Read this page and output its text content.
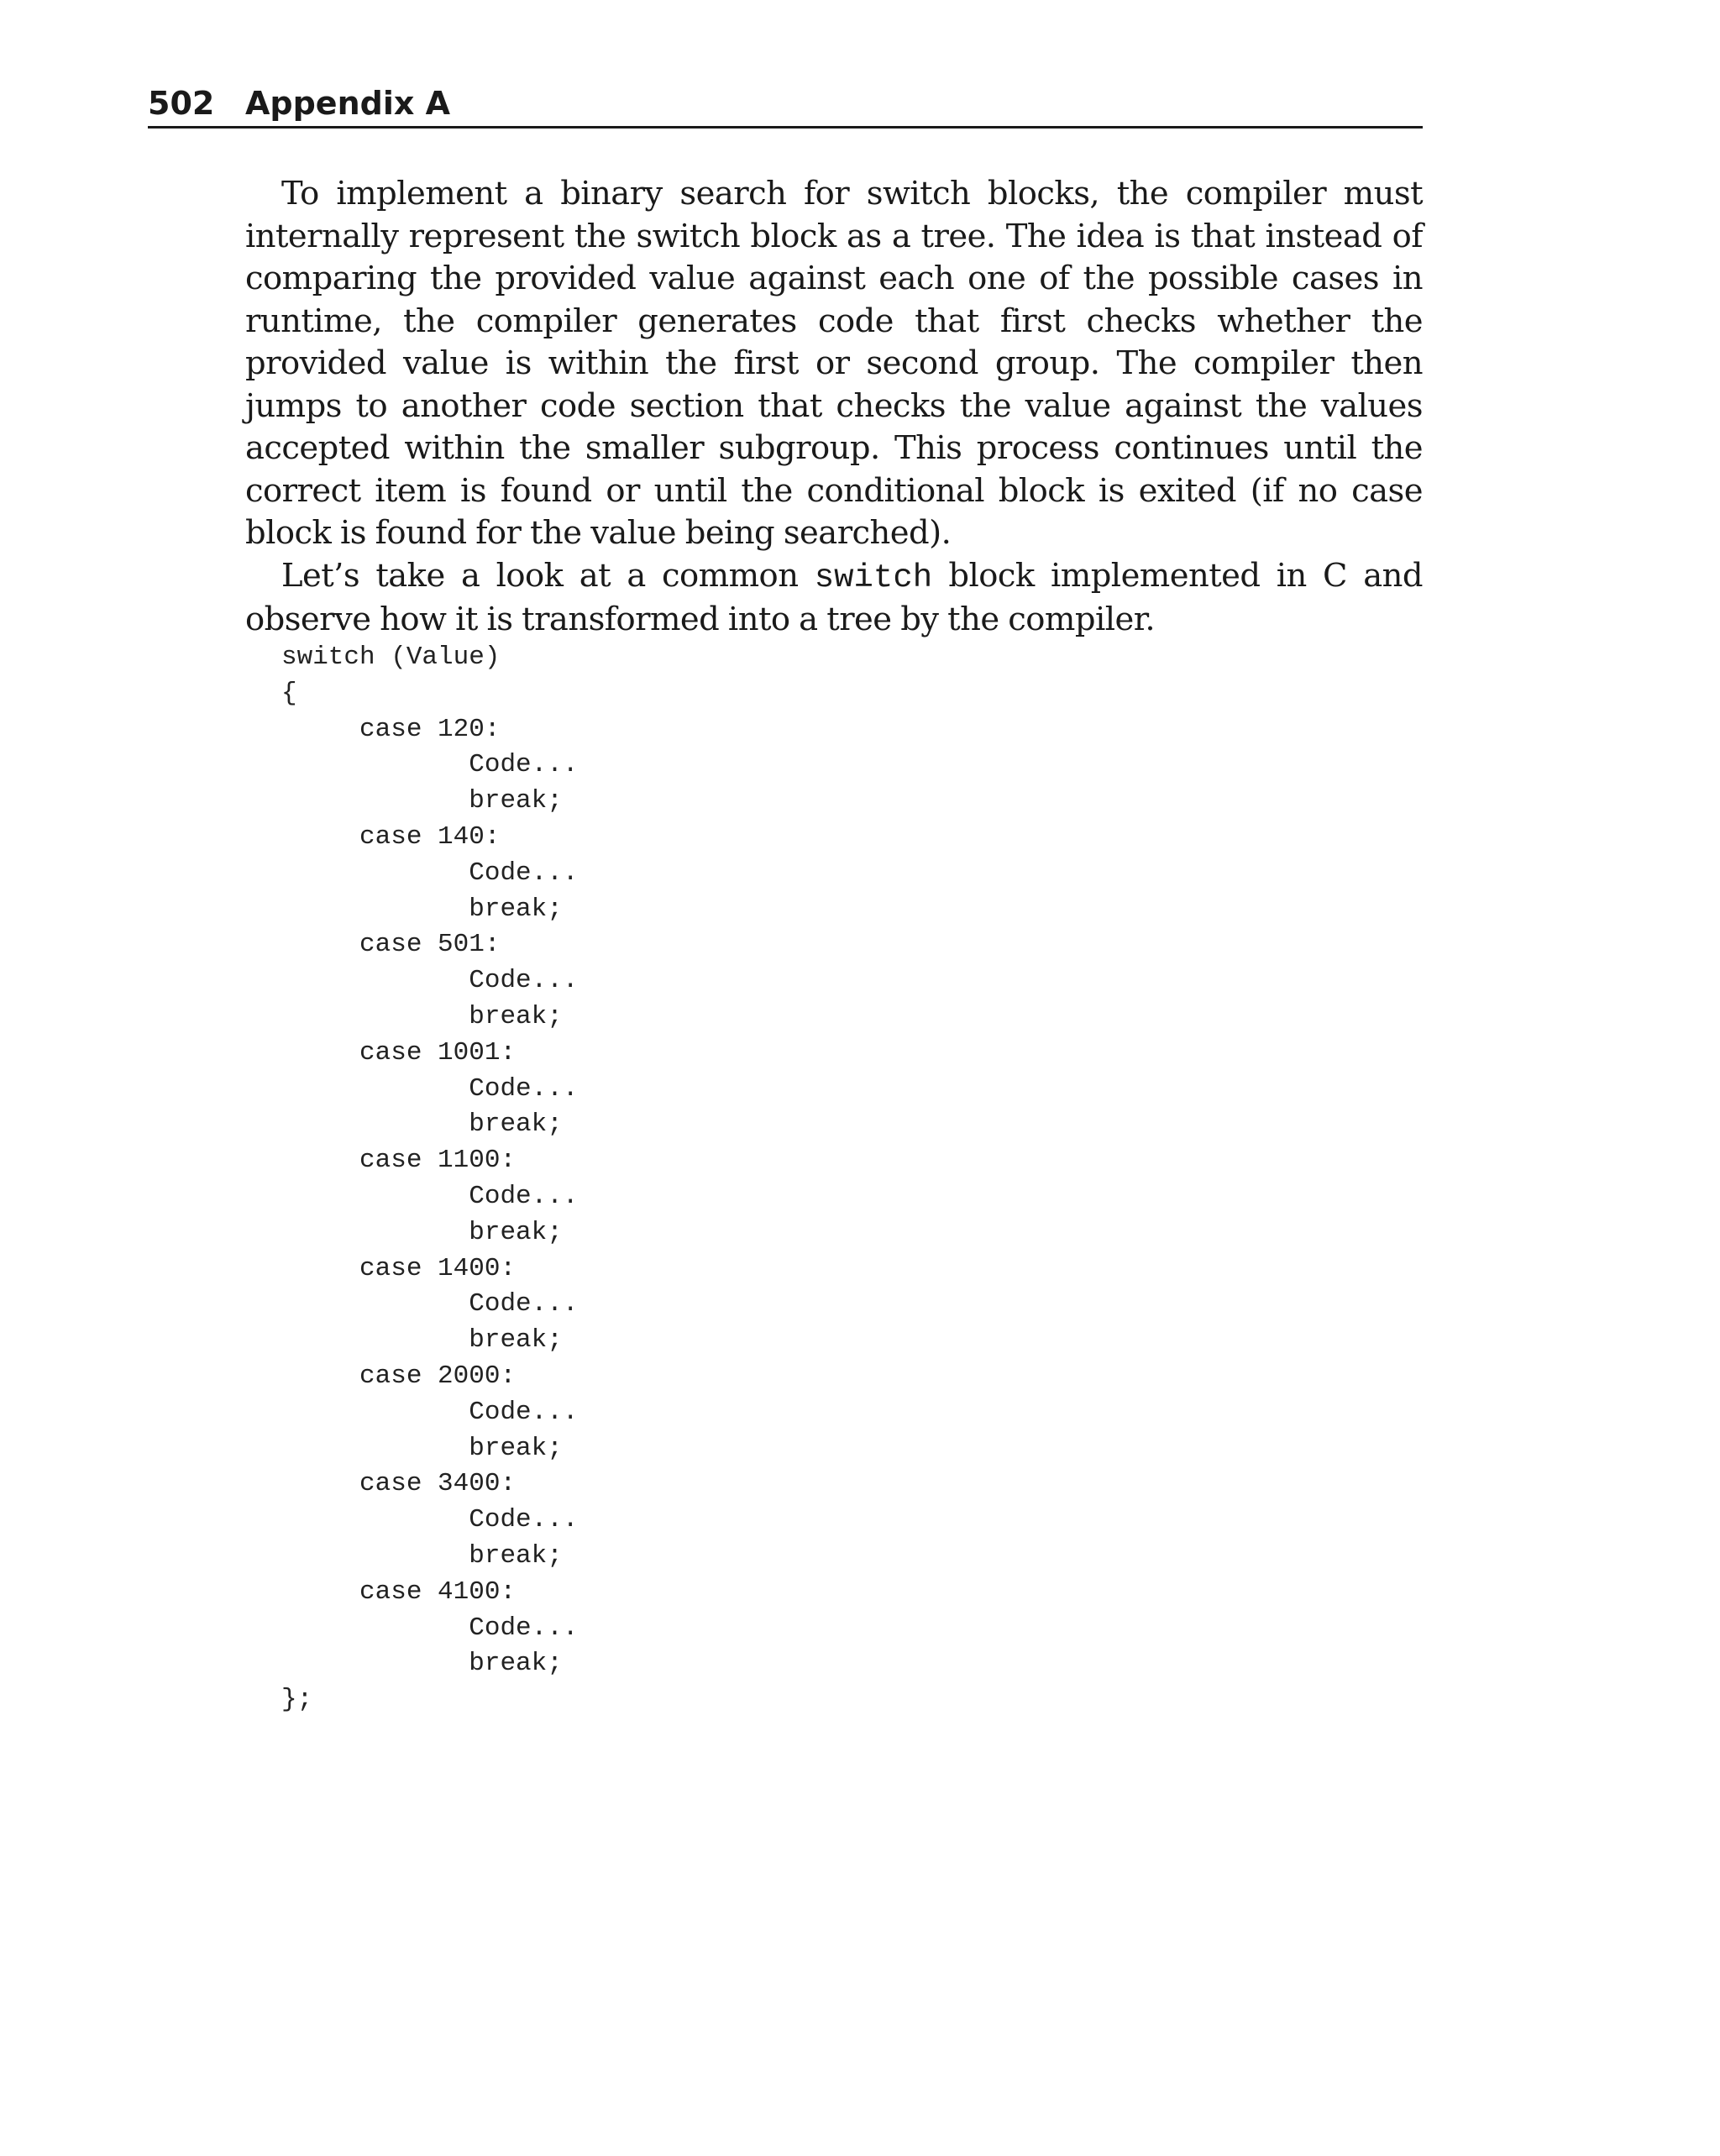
502 Appendix A

To implement a binary search for switch blocks, the compiler must internally represent the switch block as a tree. The idea is that instead of comparing the provided value against each one of the possible cases in runtime, the compiler generates code that first checks whether the provided value is within the first or second group. The compiler then jumps to another code section that checks the value against the values accepted within the smaller subgroup. This process continues until the correct item is found or until the conditional block is exited (if no case block is found for the value being searched).

Let’s take a look at a common switch block implemented in C and observe how it is transformed into a tree by the compiler.

switch (Value)
{
case 120:
Code...
break;
case 140:
Code...
break;
case 501:
Code...
break;
case 1001:
Code...
break;
case 1100:
Code...
break;
case 1400:
Code...
break;
case 2000:
Code...
break;
case 3400:
Code...
break;
case 4100:
Code...
break;
};
